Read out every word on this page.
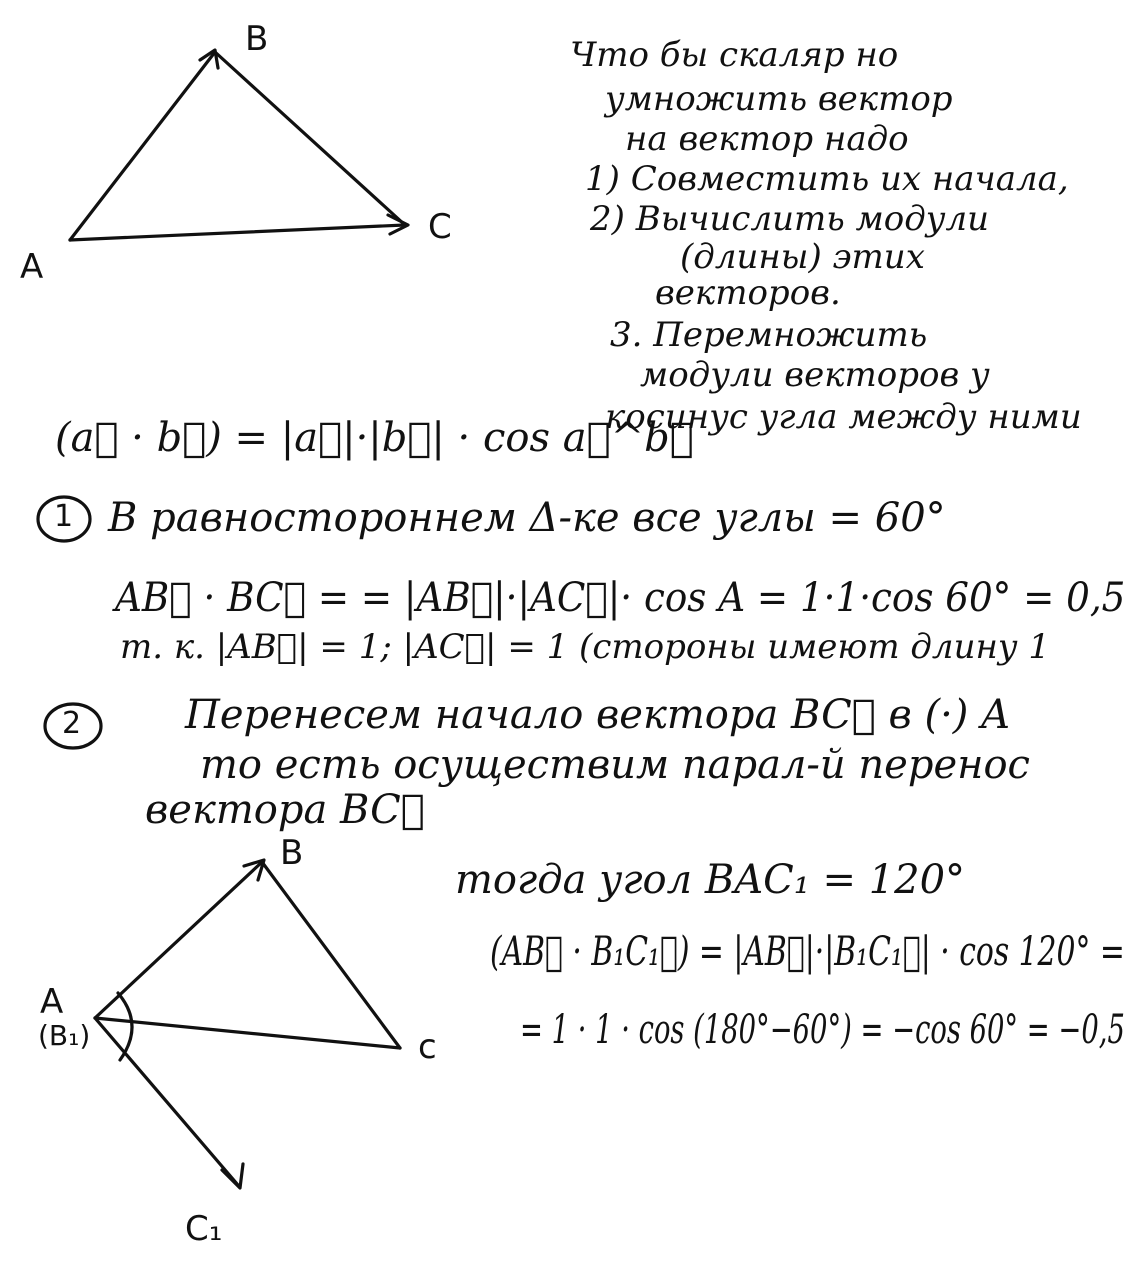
B
C
A
Что бы скаляр но
умножить вектор
на вектор надо
1) Совместить их начала,
2) Вычислить модули
(длины) этих
векторов.
3. Перемножить
модули векторов у
косинус угла между ними
(a⃗ · b⃗) = |a⃗|·|b⃗| · cos a⃗^b⃗
1 В равностороннем Δ-ке все углы = 60°
AB⃗ · BC⃗ = = |AB⃗|·|AC⃗|· cos A = 1·1·cos 60° = 0,5
т. к. |AB⃗| = 1; |AC⃗| = 1 (стороны имеют длину 1
2	Перенесем начало вектора BC⃗ в (·) A
то есть осуществим парал-й перенос
вектора BC⃗
B
A
(B₁)	c
C₁
тогда угол BAC₁ = 120°
(AB⃗ · B₁C₁⃗) = |AB⃗|·|B₁C₁⃗| · cos 120° =
= 1 · 1 · cos (180°−60°) = −cos 60° = −0,5
